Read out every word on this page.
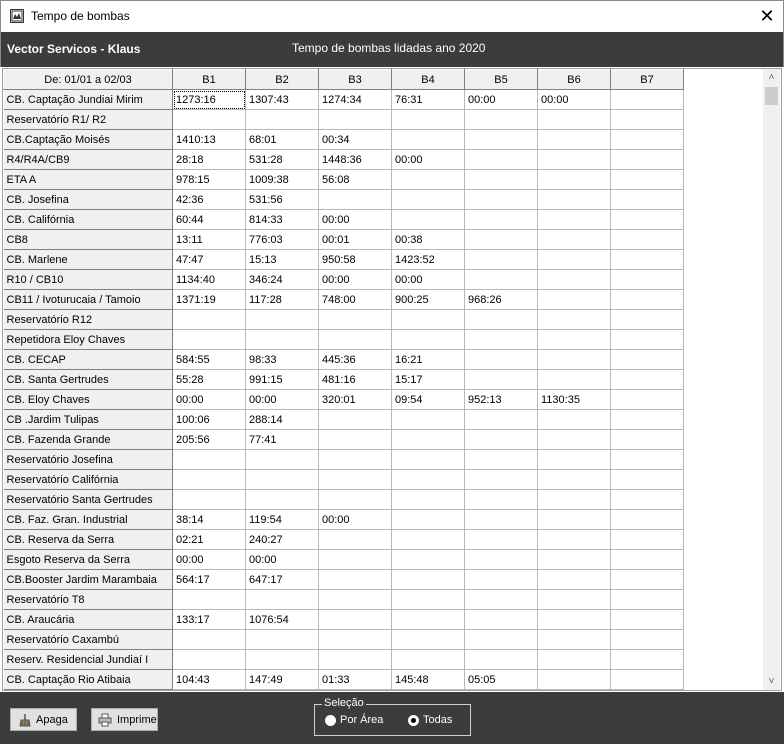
Tempo de bombas	✕
Vector Servicos - Klaus	Tempo de bombas lidadas ano 2020
De: 01/01 a 02/03	B1	B2	B3	B4	B5	B6	B7
CB. Captação Jundiai Mirim	1273:16	1307:43	1274:34	76:31	00:00	00:00	
Reservatório R1/ R2							
CB.Captação Moisés	1410:13	68:01	00:34				
R4/R4A/CB9	28:18	531:28	1448:36	00:00			
ETA A	978:15	1009:38	56:08				
CB. Josefina	42:36	531:56					
CB. Califórnia	60:44	814:33	00:00				
CB8	13:11	776:03	00:01	00:38			
CB. Marlene	47:47	15:13	950:58	1423:52			
R10 / CB10	1134:40	346:24	00:00	00:00			
CB11 / Ivoturucaia / Tamoio	1371:19	117:28	748:00	900:25	968:26		
Reservatório R12							
Repetidora Eloy Chaves							
CB. CECAP	584:55	98:33	445:36	16:21			
CB. Santa Gertrudes	55:28	991:15	481:16	15:17			
CB. Eloy Chaves	00:00	00:00	320:01	09:54	952:13	1130:35	
CB .Jardim Tulipas	100:06	288:14					
CB. Fazenda Grande	205:56	77:41					
Reservatório Josefina							
Reservatório Califórnia							
Reservatório Santa Gertrudes							
CB. Faz. Gran. Industrial	38:14	119:54	00:00				
CB. Reserva da Serra	02:21	240:27					
Esgoto Reserva da Serra	00:00	00:00					
CB.Booster Jardim Marambaia	564:17	647:17					
Reservatório T8							
CB. Araucária	133:17	1076:54					
Reservatório Caxambú							
Reserv. Residencial Jundiaí I							
CB. Captação Rio Atibaia	104:43	147:49	01:33	145:48	05:05		
˄
˅
Apaga	Imprime
Seleção
Por Área	Todas
